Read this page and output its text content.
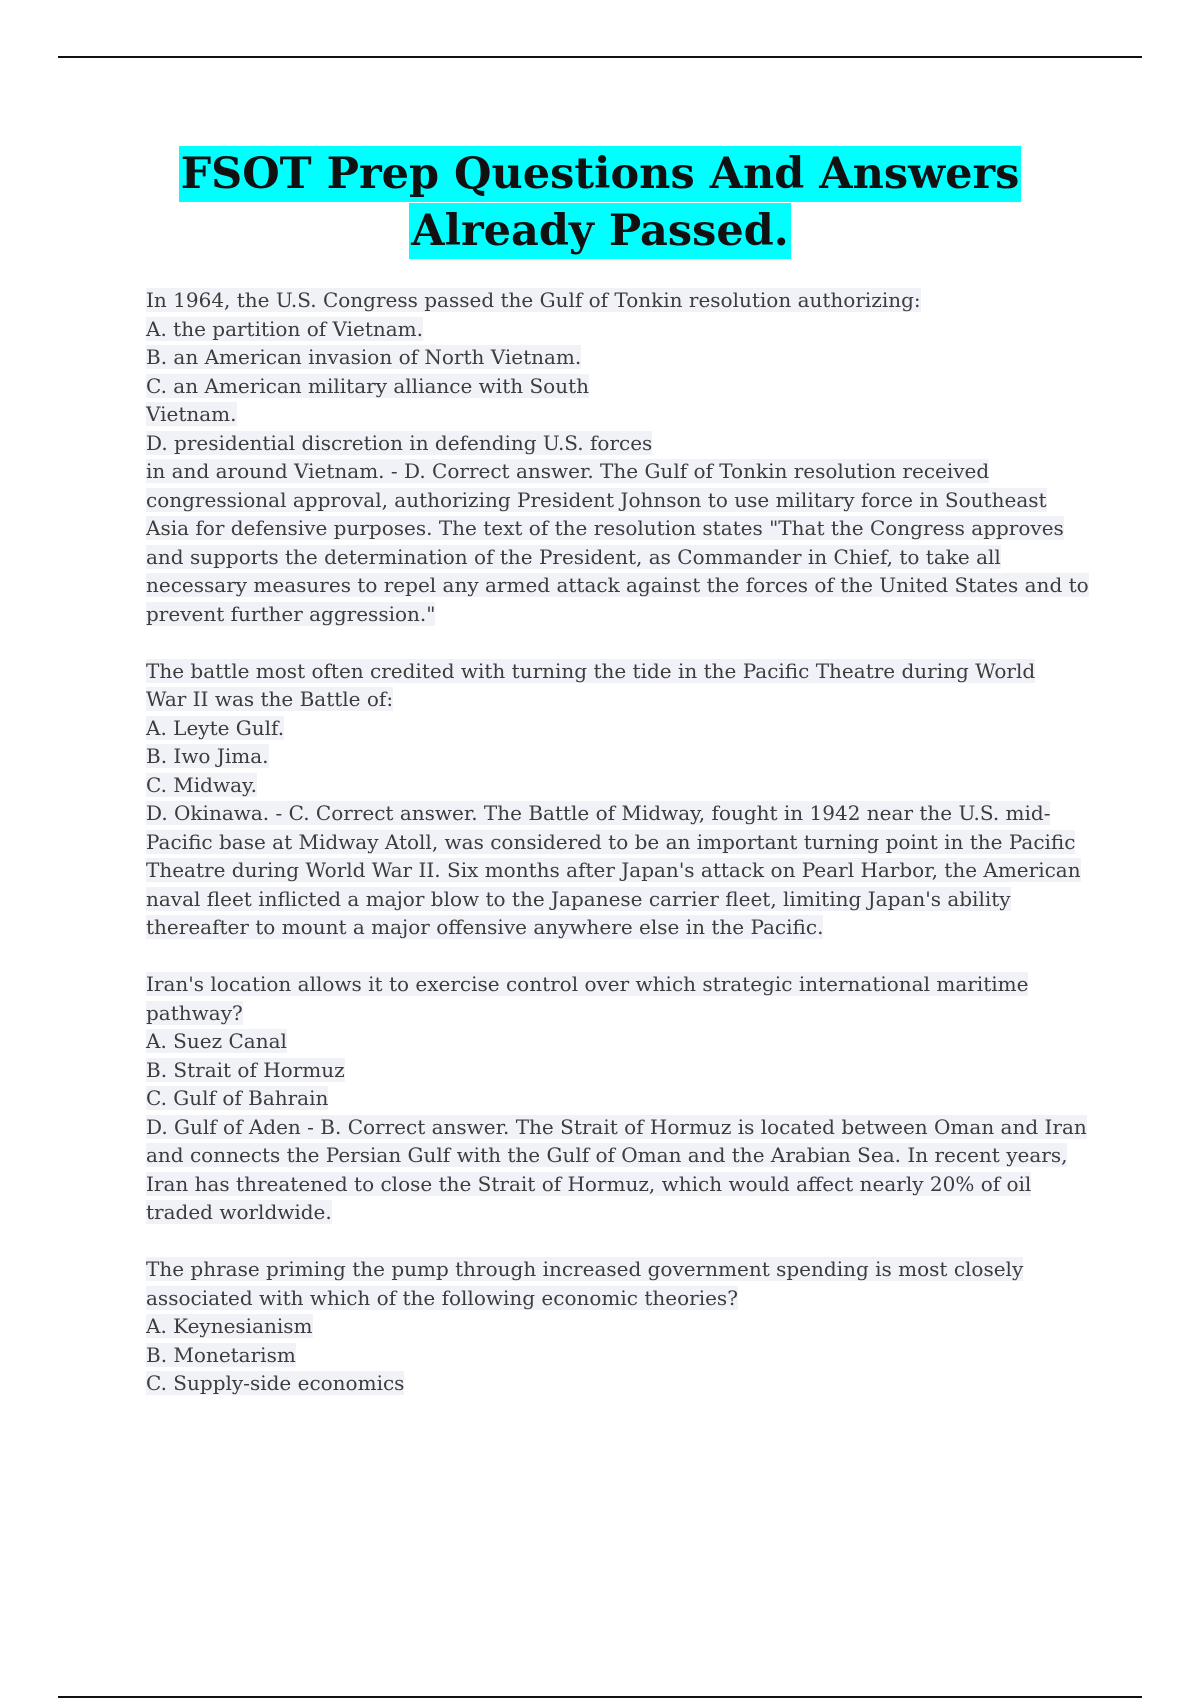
FSOT Prep Questions And Answers
Already Passed.
In 1964, the U.S. Congress passed the Gulf of Tonkin resolution authorizing:
A. the partition of Vietnam.
B. an American invasion of North Vietnam.
C. an American military alliance with South
Vietnam.
D. presidential discretion in defending U.S. forces
in and around Vietnam. - D. Correct answer. The Gulf of Tonkin resolution received
congressional approval, authorizing President Johnson to use military force in Southeast
Asia for defensive purposes. The text of the resolution states "That the Congress approves
and supports the determination of the President, as Commander in Chief, to take all
necessary measures to repel any armed attack against the forces of the United States and to
prevent further aggression."
The battle most often credited with turning the tide in the Pacific Theatre during World
War II was the Battle of:
A. Leyte Gulf.
B. Iwo Jima.
C. Midway.
D. Okinawa. - C. Correct answer. The Battle of Midway, fought in 1942 near the U.S. mid-
Pacific base at Midway Atoll, was considered to be an important turning point in the Pacific
Theatre during World War II. Six months after Japan's attack on Pearl Harbor, the American
naval fleet inflicted a major blow to the Japanese carrier fleet, limiting Japan's ability
thereafter to mount a major offensive anywhere else in the Pacific.
Iran's location allows it to exercise control over which strategic international maritime
pathway?
A. Suez Canal
B. Strait of Hormuz
C. Gulf of Bahrain
D. Gulf of Aden - B. Correct answer. The Strait of Hormuz is located between Oman and Iran
and connects the Persian Gulf with the Gulf of Oman and the Arabian Sea. In recent years,
Iran has threatened to close the Strait of Hormuz, which would affect nearly 20% of oil
traded worldwide.
The phrase priming the pump through increased government spending is most closely
associated with which of the following economic theories?
A. Keynesianism
B. Monetarism
C. Supply-side economics
